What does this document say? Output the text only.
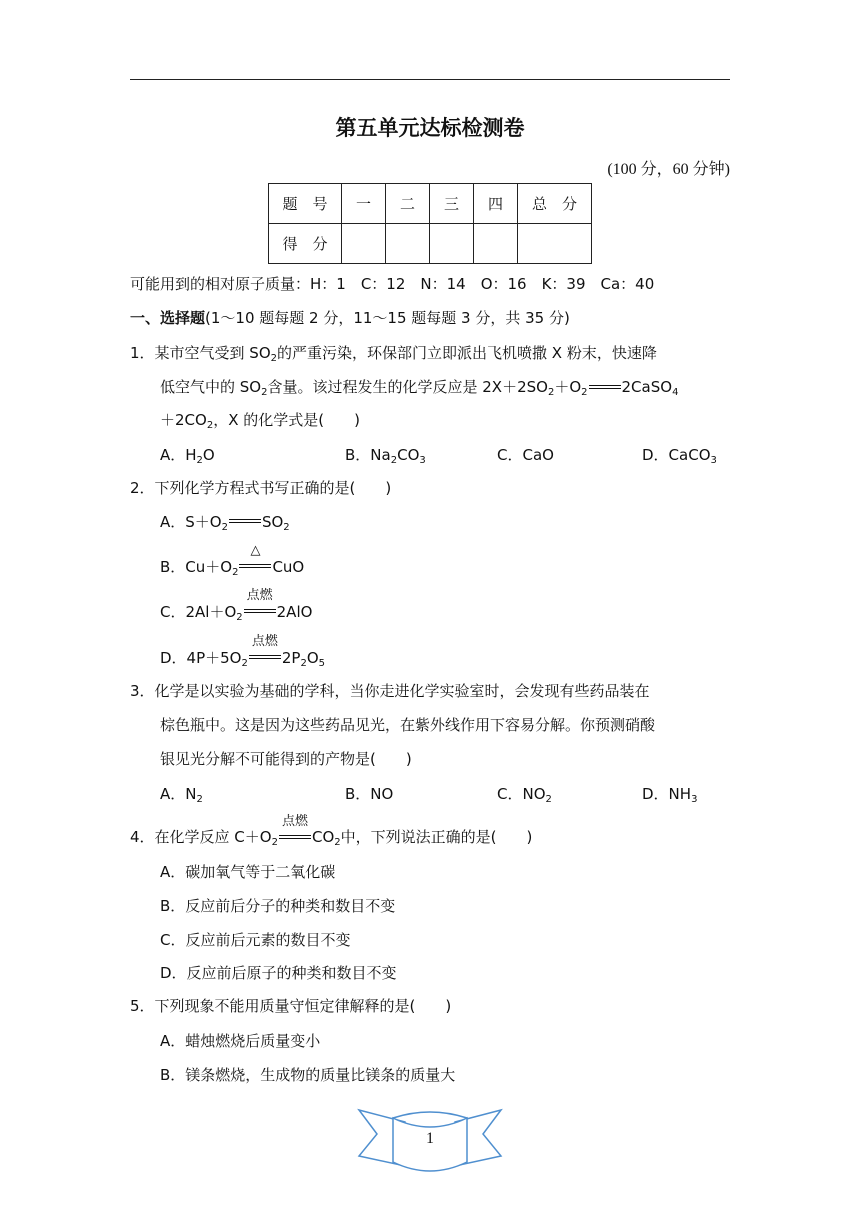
第五单元达标检测卷
(100 分，60 分钟)
题　号	一	二	三	四	总　分
得　分					
可能用到的相对原子质量：H：1　C：12　N：14　O：16　K：39　Ca：40
一、选择题(1～10 题每题 2 分，11～15 题每题 3 分，共 35 分)
1．某市空气受到 $SO_2$的严重污染，环保部门立即派出飞机喷撒 X 粉末，快速降
低空气中的 $SO_2$含量。该过程发生的化学反应是 $2X+2SO_2+O_2$ 2CaSO$_4$
$+2CO_2$，X 的化学式是(　　)
A．$H_2O$	B．$Na_2CO_3$	C．CaO	D．CaCO$_3$
2．下列化学方程式书写正确的是(　　)
A．$S+O_2$ $SO_2$
B．$Cu+O_2$
△
CuO
C．$2Al+O_2$
点燃
2AlO
D．$4P+5O_2$
点燃
$2P_2O_5$
3．化学是以实验为基础的学科，当你走进化学实验室时，会发现有些药品装在
棕色瓶中。这是因为这些药品见光，在紫外线作用下容易分解。你预测硝酸
银见光分解不可能得到的产物是(　　)
A．$N_2$	B．NO	C．$NO_2$	D．$NH_3$
4．在化学反应 $C+O_2$
点燃
$CO_2$中，下列说法正确的是(　　)
A．碳加氧气等于二氧化碳
B．反应前后分子的种类和数目不变
C．反应前后元素的数目不变
D．反应前后原子的种类和数目不变
5．下列现象不能用质量守恒定律解释的是(　　)
A．蜡烛燃烧后质量变小
B．镁条燃烧，生成物的质量比镁条的质量大
1
